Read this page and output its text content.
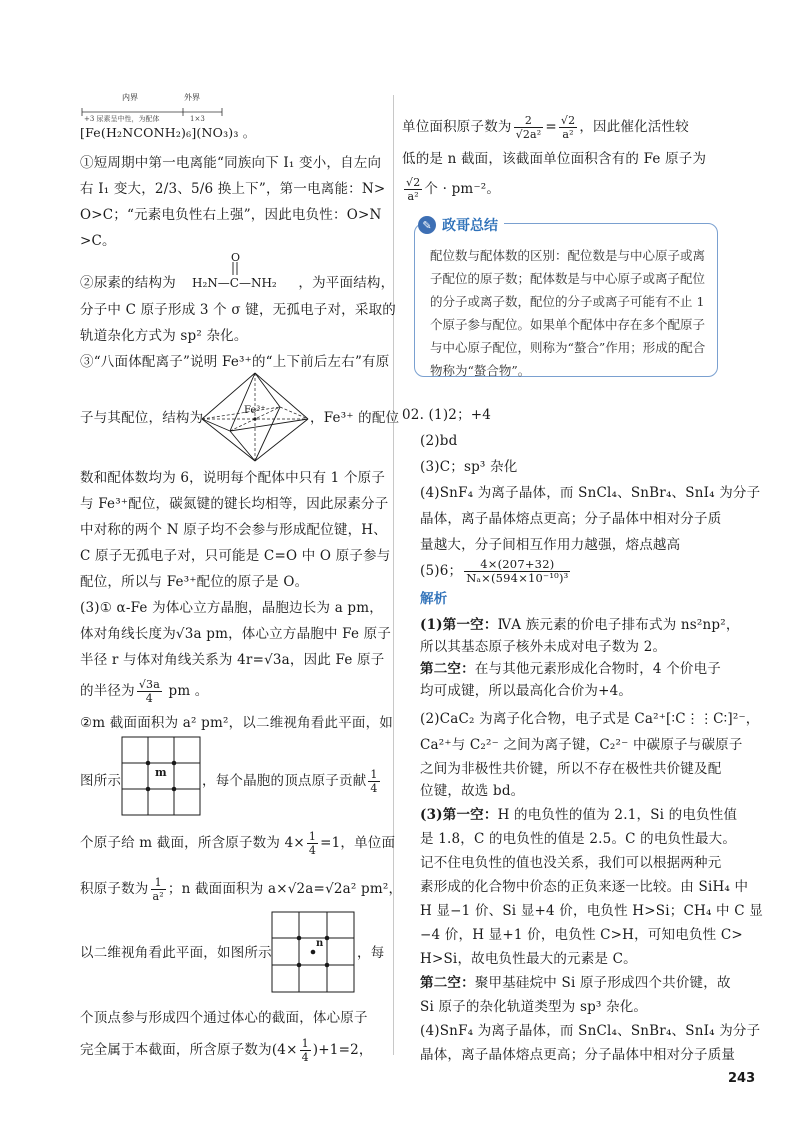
内界	外界
+3 尿素呈中性，为配体	1×3
[Fe(H₂NCONH₂)₆](NO₃)₃ 。
①短周期中第一电离能“同族向下 I₁ 变小，自左向
右 I₁ 变大，2/3、5/6 换上下”，第一电离能：N>
O>C；“元素电负性右上强”，因此电负性：O>N
>C。
②尿素的结构为	，为平面结构，
O
H₂N—C—NH₂
分子中 C 原子形成 3 个 σ 键，无孤电子对，采取的
轨道杂化方式为 sp² 杂化。
③“八面体配离子”说明 Fe³⁺的“上下前后左右”有原
Fe³⁺
子与其配位，结构为	，Fe³⁺ 的配位
数和配体数均为 6，说明每个配体中只有 1 个原子
与 Fe³⁺配位，碳氮键的键长均相等，因此尿素分子
中对称的两个 N 原子均不会参与形成配位键，H、
C 原子无孤电子对，只可能是 C=O 中 O 原子参与
配位，所以与 Fe³⁺配位的原子是 O。
(3)① α-Fe 为体心立方晶胞，晶胞边长为 a pm，
体对角线长度为√3a pm，体心立方晶胞中 Fe 原子
半径 r 与体对角线关系为 4r=√3a，因此 Fe 原子
的半径为 $\frac{√3a}{4}$ pm 。
②m 截面面积为 a² pm²，以二维视角看此平面，如
m
图所示	，每个晶胞的顶点原子贡献 $\frac{1}{4}$
个原子给 m 截面，所含原子数为 $4\times \frac{1}{4} =1$，单位面
积原子数为 $\frac{1}{\text{a²}}$ ；n 截面面积为 a×√2a=√2a² pm²，
n
以二维视角看此平面，如图所示	，每
个顶点参与形成四个通过体心的截面，体心原子
完全属于本截面，所含原子数为$(4\times \frac{1}{4} )+1=2$，
单位面积原子数为 $\frac{2}{\text{√2a²}} = \frac{√2}{\text{a²}}$ ，因此催化活性较
低的是 n 截面，该截面单位面积含有的 Fe 原子为
$\frac{√2}{\text{a²}}$ 个 · pm⁻²。
✎ 政哥总结
配位数与配体数的区别：配位数是与中心原子或离子配位的原子数；配体数是与中心原子或离子配位的分子或离子数，配位的分子或离子可能有不止 1 个原子参与配位。如果单个配体中存在多个配原子与中心原子配位，则称为“螯合”作用；形成的配合物称为“螯合物”。
02. (1)2；+4
(2)bd
(3)C；sp³ 杂化
(4)SnF₄ 为离子晶体，而 SnCl₄、SnBr₄、SnI₄ 为分子
晶体，离子晶体熔点更高；分子晶体中相对分子质
量越大，分子间相互作用力越强，熔点越高
(5)6； $\frac{4\times(207+32)}{\text{Nₐ×(594×10⁻¹⁰)³}}$
解析
(1)第一空：ⅣA 族元素的价电子排布式为 ns²np²，
所以其基态原子核外未成对电子数为 2。
第二空：在与其他元素形成化合物时，4 个价电子
均可成键，所以最高化合价为+4。
(2)CaC₂ 为离子化合物，电子式是 Ca²⁺[∶C⋮⋮C∶]²⁻，
Ca²⁺与 C₂²⁻ 之间为离子键，C₂²⁻ 中碳原子与碳原子
之间为非极性共价键，所以不存在极性共价键及配
位键，故选 bd。
(3)第一空：H 的电负性的值为 2.1，Si 的电负性值
是 1.8，C 的电负性的值是 2.5。C 的电负性最大。
记不住电负性的值也没关系，我们可以根据两种元
素形成的化合物中价态的正负来逐一比较。由 SiH₄ 中
H 显−1 价、Si 显+4 价，电负性 H>Si；CH₄ 中 C 显
−4 价，H 显+1 价，电负性 C>H，可知电负性 C>
H>Si，故电负性最大的元素是 C。
第二空：聚甲基硅烷中 Si 原子形成四个共价键，故
Si 原子的杂化轨道类型为 sp³ 杂化。
(4)SnF₄ 为离子晶体，而 SnCl₄、SnBr₄、SnI₄ 为分子
晶体，离子晶体熔点更高；分子晶体中相对分子质量
243
